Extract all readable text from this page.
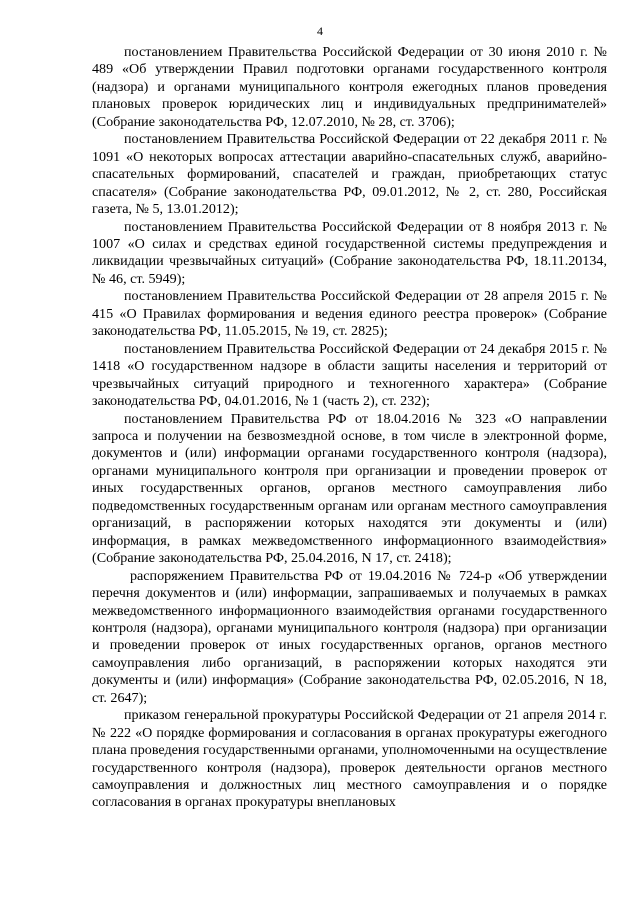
4

постановлением Правительства Российской Федерации от 30 июня 2010 г. № 489 «Об утверждении Правил подготовки органами государственного контроля (надзора) и органами муниципального контроля ежегодных планов проведения плановых проверок юридических лиц и индивидуальных предпринимателей» (Собрание законодательства РФ, 12.07.2010, № 28, ст. 3706);

постановлением Правительства Российской Федерации от 22 декабря 2011 г. № 1091 «О некоторых вопросах аттестации аварийно-спасательных служб, аварийно-спасательных формирований, спасателей и граждан, приобретающих статус спасателя» (Собрание законодательства РФ, 09.01.2012, № 2, ст. 280, Российская газета, № 5, 13.01.2012);

постановлением Правительства Российской Федерации от 8 ноября 2013 г. № 1007 «О силах и средствах единой государственной системы предупреждения и ликвидации чрезвычайных ситуаций» (Собрание законодательства РФ, 18.11.20134, № 46, ст. 5949);

постановлением Правительства Российской Федерации от 28 апреля 2015 г. № 415 «О Правилах формирования и ведения единого реестра проверок» (Собрание законодательства РФ, 11.05.2015, № 19, ст. 2825);

постановлением Правительства Российской Федерации от 24 декабря 2015 г. № 1418 «О государственном надзоре в области защиты населения и территорий от чрезвычайных ситуаций природного и техногенного характера» (Собрание законодательства РФ, 04.01.2016, № 1 (часть 2), ст. 232);

постановлением Правительства РФ от 18.04.2016 № 323 «О направлении запроса и получении на безвозмездной основе, в том числе в электронной форме, документов и (или) информации органами государственного контроля (надзора), органами муниципального контроля при организации и проведении проверок от иных государственных органов, органов местного самоуправления либо подведомственных государственным органам или органам местного самоуправления организаций, в распоряжении которых находятся эти документы и (или) информация, в рамках межведомственного информационного взаимодействия» (Собрание законодательства РФ, 25.04.2016, N 17, ст. 2418);

распоряжением Правительства РФ от 19.04.2016 № 724-р «Об утверждении перечня документов и (или) информации, запрашиваемых и получаемых в рамках межведомственного информационного взаимодействия органами государственного контроля (надзора), органами муниципального контроля (надзора) при организации и проведении проверок от иных государственных органов, органов местного самоуправления либо организаций, в распоряжении которых находятся эти документы и (или) информация» (Собрание законодательства РФ, 02.05.2016, N 18, ст. 2647);

приказом генеральной прокуратуры Российской Федерации от 21 апреля 2014 г. № 222 «О порядке формирования и согласования в органах прокуратуры ежегодного плана проведения государственными органами, уполномоченными на осуществление государственного контроля (надзора), проверок деятельности органов местного самоуправления и должностных лиц местного самоуправления и о порядке согласования в органах прокуратуры внеплановых
